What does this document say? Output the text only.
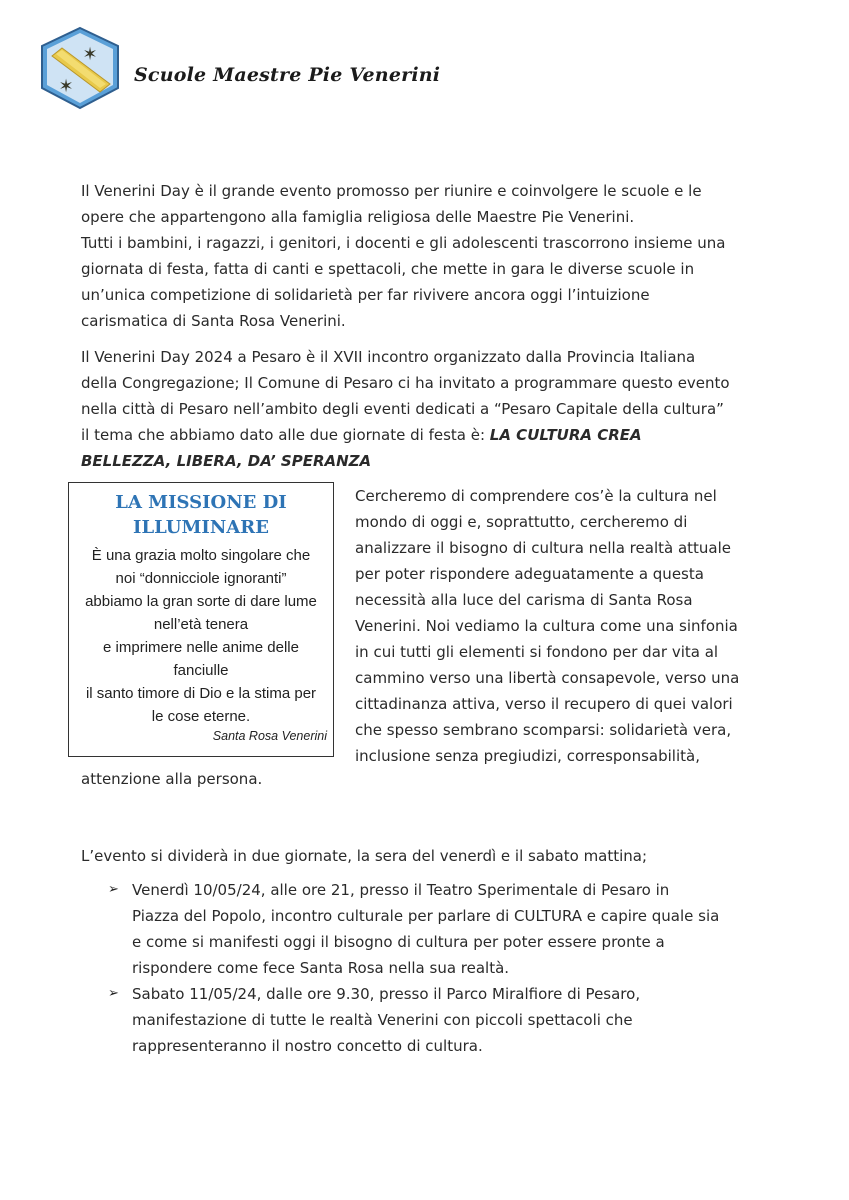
✶
✶
Scuole Maestre Pie Venerini
Il Venerini Day è il grande evento promosso per riunire e coinvolgere le scuole e le
opere che appartengono alla famiglia religiosa delle Maestre Pie Venerini.
Tutti i bambini, i ragazzi, i genitori, i docenti e gli adolescenti trascorrono insieme una
giornata di festa, fatta di canti e spettacoli, che mette in gara le diverse scuole in
un’unica competizione di solidarietà per far rivivere ancora oggi l’intuizione
carismatica di Santa Rosa Venerini.
Il Venerini Day 2024 a Pesaro è il XVII incontro organizzato dalla Provincia Italiana
della Congregazione; Il Comune di Pesaro ci ha invitato a programmare questo evento
nella città di Pesaro nell’ambito degli eventi dedicati a “Pesaro Capitale della cultura”
il tema che abbiamo dato alle due giornate di festa è: LA CULTURA CREA
BELLEZZA, LIBERA, DA’ SPERANZA
LA MISSIONE DI
ILLUMINARE
È una grazia molto singolare che
noi “donnicciole ignoranti”
abbiamo la gran sorte di dare lume
nell’età tenera
e imprimere nelle anime delle
fanciulle
il santo timore di Dio e la stima per
le cose eterne.
Santa Rosa Venerini
Cercheremo di comprendere cos’è la cultura nel
mondo di oggi e, soprattutto, cercheremo di
analizzare il bisogno di cultura nella realtà attuale
per poter rispondere adeguatamente a questa
necessità alla luce del carisma di Santa Rosa
Venerini. Noi vediamo la cultura come una sinfonia
in cui tutti gli elementi si fondono per dar vita al
cammino verso una libertà consapevole, verso una
cittadinanza attiva, verso il recupero di quei valori
che spesso sembrano scomparsi: solidarietà vera,
inclusione senza pregiudizi, corresponsabilità,
attenzione alla persona.
L’evento si dividerà in due giornate, la sera del venerdì e il sabato mattina;
➢ Venerdì 10/05/24, alle ore 21, presso il Teatro Sperimentale di Pesaro in
Piazza del Popolo, incontro culturale per parlare di CULTURA e capire quale sia
e come si manifesti oggi il bisogno di cultura per poter essere pronte a
rispondere come fece Santa Rosa nella sua realtà.
➢ Sabato 11/05/24, dalle ore 9.30, presso il Parco Miralfiore di Pesaro,
manifestazione di tutte le realtà Venerini con piccoli spettacoli che
rappresenteranno il nostro concetto di cultura.
